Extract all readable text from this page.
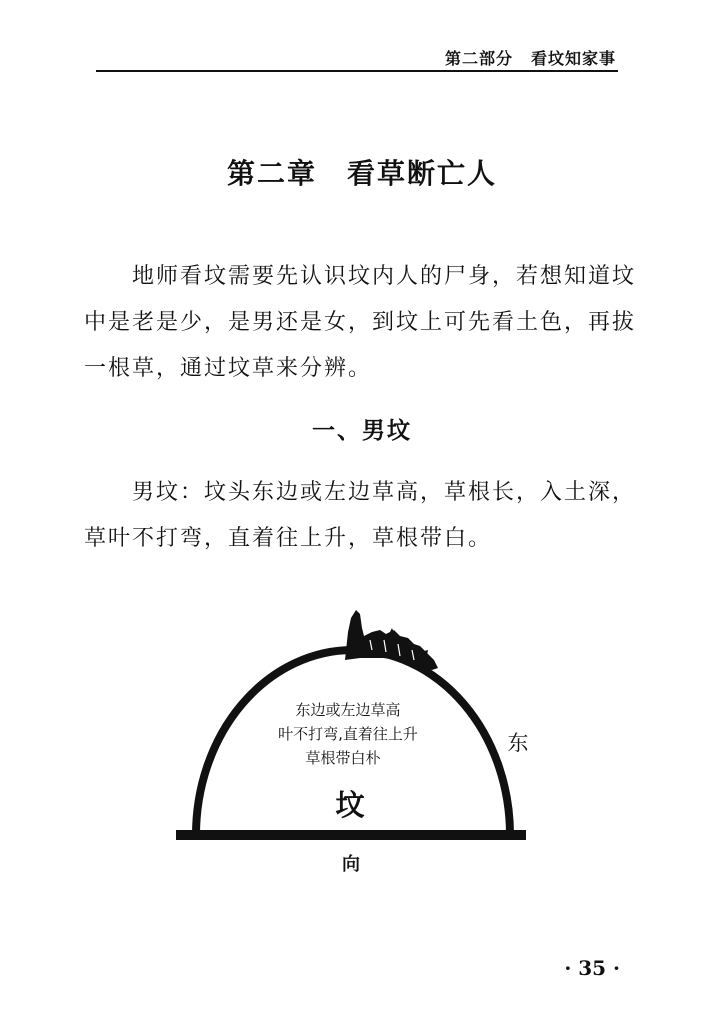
第二部分 看坟知家事
第二章 看草断亡人

地师看坟需要先认识坟内人的尸身，若想知道坟中是老是少，是男还是女，到坟上可先看土色，再拔一根草，通过坟草来分辨。

一、男坟

男坟：坟头东边或左边草高，草根长，入土深，草叶不打弯，直着往上升，草根带白。

东边或左边草高
叶不打弯,直着往上升
草根带白朴
坟
东
向
· 35 ·
